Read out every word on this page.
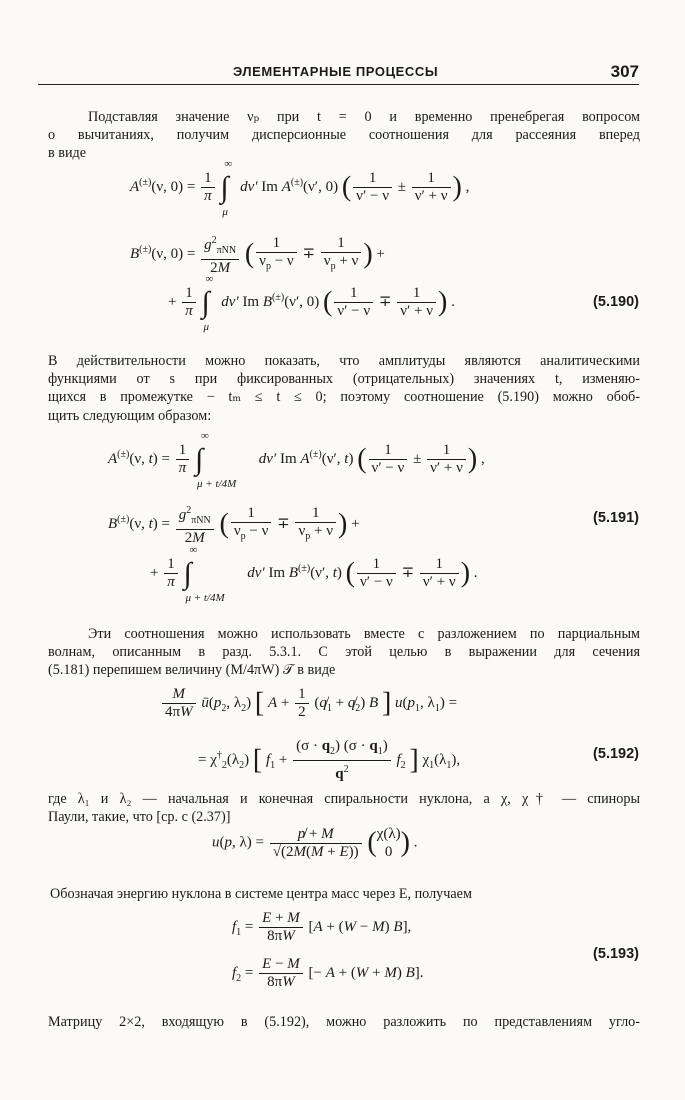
ЭЛЕМЕНТАРНЫЕ ПРОЦЕССЫ	307
Подставляя значение νₚ при t = 0 и временно пренебрегая вопросом
о вычитаниях, получим дисперсионные соотношения для рассеяния вперед
в виде
A(±)(ν, $0) = \frac{1}{\pi}$ ∫
∞
μ
dν′ Im A(±)(ν′, 0) ( $\frac{1}{\nu' - \nu} \pm \frac{1}{\nu' + \nu}$ ) ,
B(±)(ν, $0) = \frac{g^2_{\pi NN}}{2M}$ ( $\frac{1}{\nu_p - \nu} \mp \frac{1}{\nu_p + \nu}$ ) +
+ $\frac{1}{\pi}$ ∫
∞
μ
dν′ Im B(±)(ν′, 0) ( $\frac{1}{\nu' - \nu} \mp \frac{1}{\nu' + \nu}$ ) .	(5.190)
В действительности можно показать, что амплитуды являются аналитическими
функциями от s при фиксированных (отрицательных) значениях t, изменяю-
щихся в промежутке − tₘ ≤ t ≤ 0; поэтому соотношение (5.190) можно обоб-
щить следующим образом:
A(±)(ν, $t) = \frac{1}{\pi}$ ∫
∞
μ + t/4M
dν′ Im A(±)(ν′, t) ( $\frac{1}{\nu' - \nu} \pm \frac{1}{\nu' + \nu}$ ) ,
B(±)(ν, $t) = \frac{g^2_{\pi NN}}{2M}$ ( $\frac{1}{\nu_p - \nu} \mp \frac{1}{\nu_p + \nu}$ ) +
+ $\frac{1}{\pi}$ ∫
∞
μ + t/4M
dν′ Im B(±)(ν′, t) ( $\frac{1}{\nu' - \nu} \mp \frac{1}{\nu' + \nu}$ ) .
(5.191)
Эти соотношения можно использовать вместе с разложением по парциальным
волнам, описанным в разд. 5.3.1. С этой целью в выражении для сечения
(5.181) перепишем величину (M/4πW) 𝒯 в виде
$\frac{M}{4\pi W}$ $ū(p_2$, $\lambda_2$) [ $A + \frac{1}{2}$ ($q̸_1$ + $q̸_2$) B ] $u(p_1$, $\lambda_1$) =
= $\chi^\dagger_2(\lambda_2)$ [ $f_1 + \frac{(\sigma \cdot q_2) (\sigma \cdot q_1)}{q^2} f_2$ ] $\chi_1(\lambda_1)$,	(5.192)
где λ₁ и λ₂ — начальная и конечная спиральности нуклона, а χ, χ† — спиноры
Паули, такие, что [ср. с (2.37)]
u(p, $\lambda) = \frac{p̸ + M}{√(2M(M + E))} (\chi(\lambda)$
0 ) .
Обозначая энергию нуклона в системе центра масс через E, получаем
$f_1 = \frac{E + M}{8\pi W} [A + (W - M)$ B],
$f_2 = \frac{E - M}{8\pi W}$ [− A + (W + M) B].
(5.193)
Матрицу 2×2, входящую в (5.192), можно разложить по представлениям угло-
